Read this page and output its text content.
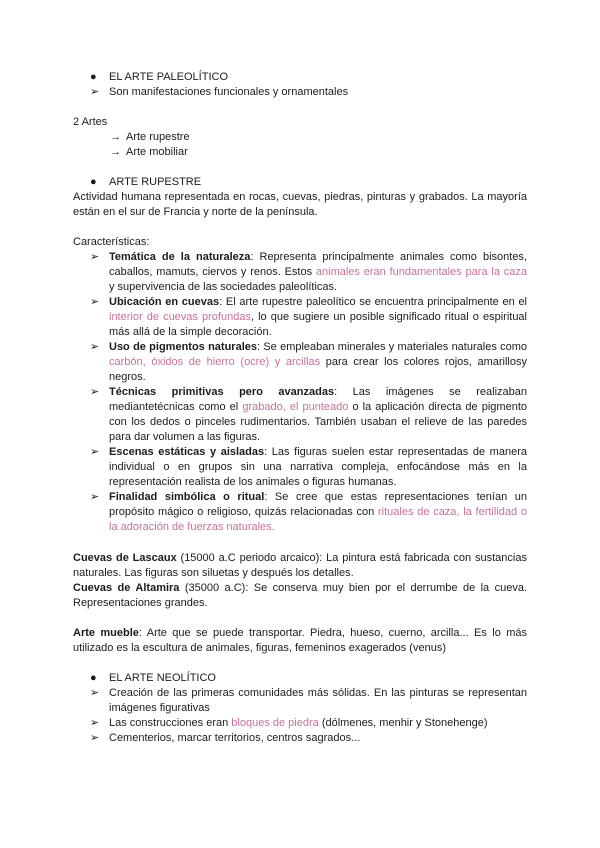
● EL ARTE PALEOLÍTICO
➢ Son manifestaciones funcionales y ornamentales
2 Artes
→ Arte rupestre
→ Arte mobiliar
● ARTE RUPESTRE
Actividad humana representada en rocas, cuevas, piedras, pinturas y grabados. La mayoría están en el sur de Francia y norte de la península.
Características:
➢ Temática de la naturaleza: Representa principalmente animales como bisontes, caballos, mamuts, ciervos y renos. Estos animales eran fundamentales para la caza y supervivencia de las sociedades paleolíticas.
➢ Ubicación en cuevas: El arte rupestre paleolítico se encuentra principalmente en el interior de cuevas profundas, lo que sugiere un posible significado ritual o espiritual más allá de la simple decoración.
➢ Uso de pigmentos naturales: Se empleaban minerales y materiales naturales como carbón, óxidos de hierro (ocre) y arcillas para crear los colores rojos, amarillosy negros.
➢ Técnicas primitivas pero avanzadas: Las imágenes se realizaban mediantetécnicas como el grabado, el punteado o la aplicación directa de pigmento con los dedos o pinceles rudimentarios. También usaban el relieve de las paredes para dar volumen a las figuras.
➢ Escenas estáticas y aisladas: Las figuras suelen estar representadas de manera individual o en grupos sin una narrativa compleja, enfocándose más en la representación realista de los animales o figuras humanas.
➢ Finalidad simbólica o ritual: Se cree que estas representaciones tenían un propósito mágico o religioso, quizás relacionadas con rituales de caza, la fertilidad o la adoración de fuerzas naturales.
Cuevas de Lascaux (15000 a.C periodo arcaico): La pintura está fabricada con sustancias naturales. Las figuras son siluetas y después los detalles.
Cuevas de Altamira (35000 a.C): Se conserva muy bien por el derrumbe de la cueva. Representaciones grandes.
Arte mueble: Arte que se puede transportar. Piedra, hueso, cuerno, arcilla... Es lo más utilizado es la escultura de animales, figuras, femeninos exagerados (venus)
● EL ARTE NEOLÍTICO
➢ Creación de las primeras comunidades más sólidas. En las pinturas se representan imágenes figurativas
➢ Las construcciones eran bloques de piedra (dólmenes, menhir y Stonehenge)
➢ Cementerios, marcar territorios, centros sagrados...
